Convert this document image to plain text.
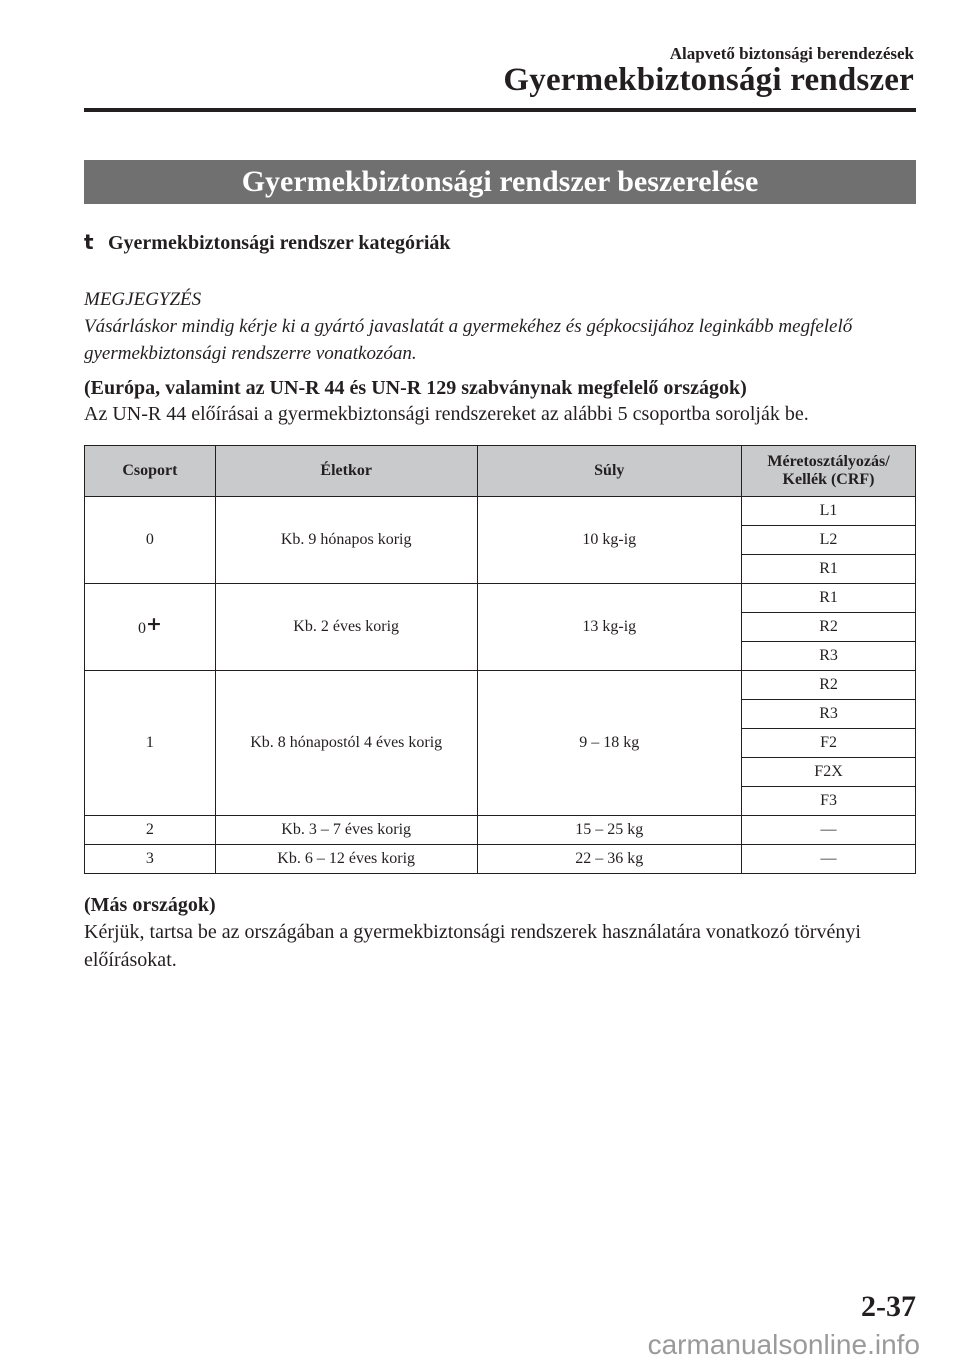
Alapvető biztonsági berendezések
Gyermekbiztonsági rendszer
Gyermekbiztonsági rendszer beszerelése
t Gyermekbiztonsági rendszer kategóriák
MEGJEGYZÉS
Vásárláskor mindig kérje ki a gyártó javaslatát a gyermekéhez és gépkocsijához leginkább megfelelő gyermekbiztonsági rendszerre vonatkozóan.
(Európa, valamint az UN-R 44 és UN-R 129 szabványnak megfelelő országok)
Az UN-R 44 előírásai a gyermekbiztonsági rendszereket az alábbi 5 csoportba sorolják be.
Csoport	Életkor	Súly	Méretosztályozás/
Kellék (CRF)
0	Kb. 9 hónapos korig	10 kg-ig	L1
			L2
			R1
0+	Kb. 2 éves korig	13 kg-ig	R1
			R2
			R3
1	Kb. 8 hónapostól 4 éves korig	9 – 18 kg	R2
			R3
			F2
			F2X
			F3
2	Kb. 3 – 7 éves korig	15 – 25 kg	―
3	Kb. 6 – 12 éves korig	22 – 36 kg	―
(Más országok)
Kérjük, tartsa be az országában a gyermekbiztonsági rendszerek használatára vonatkozó törvényi előírásokat.
2-37
carmanualsonline.info
